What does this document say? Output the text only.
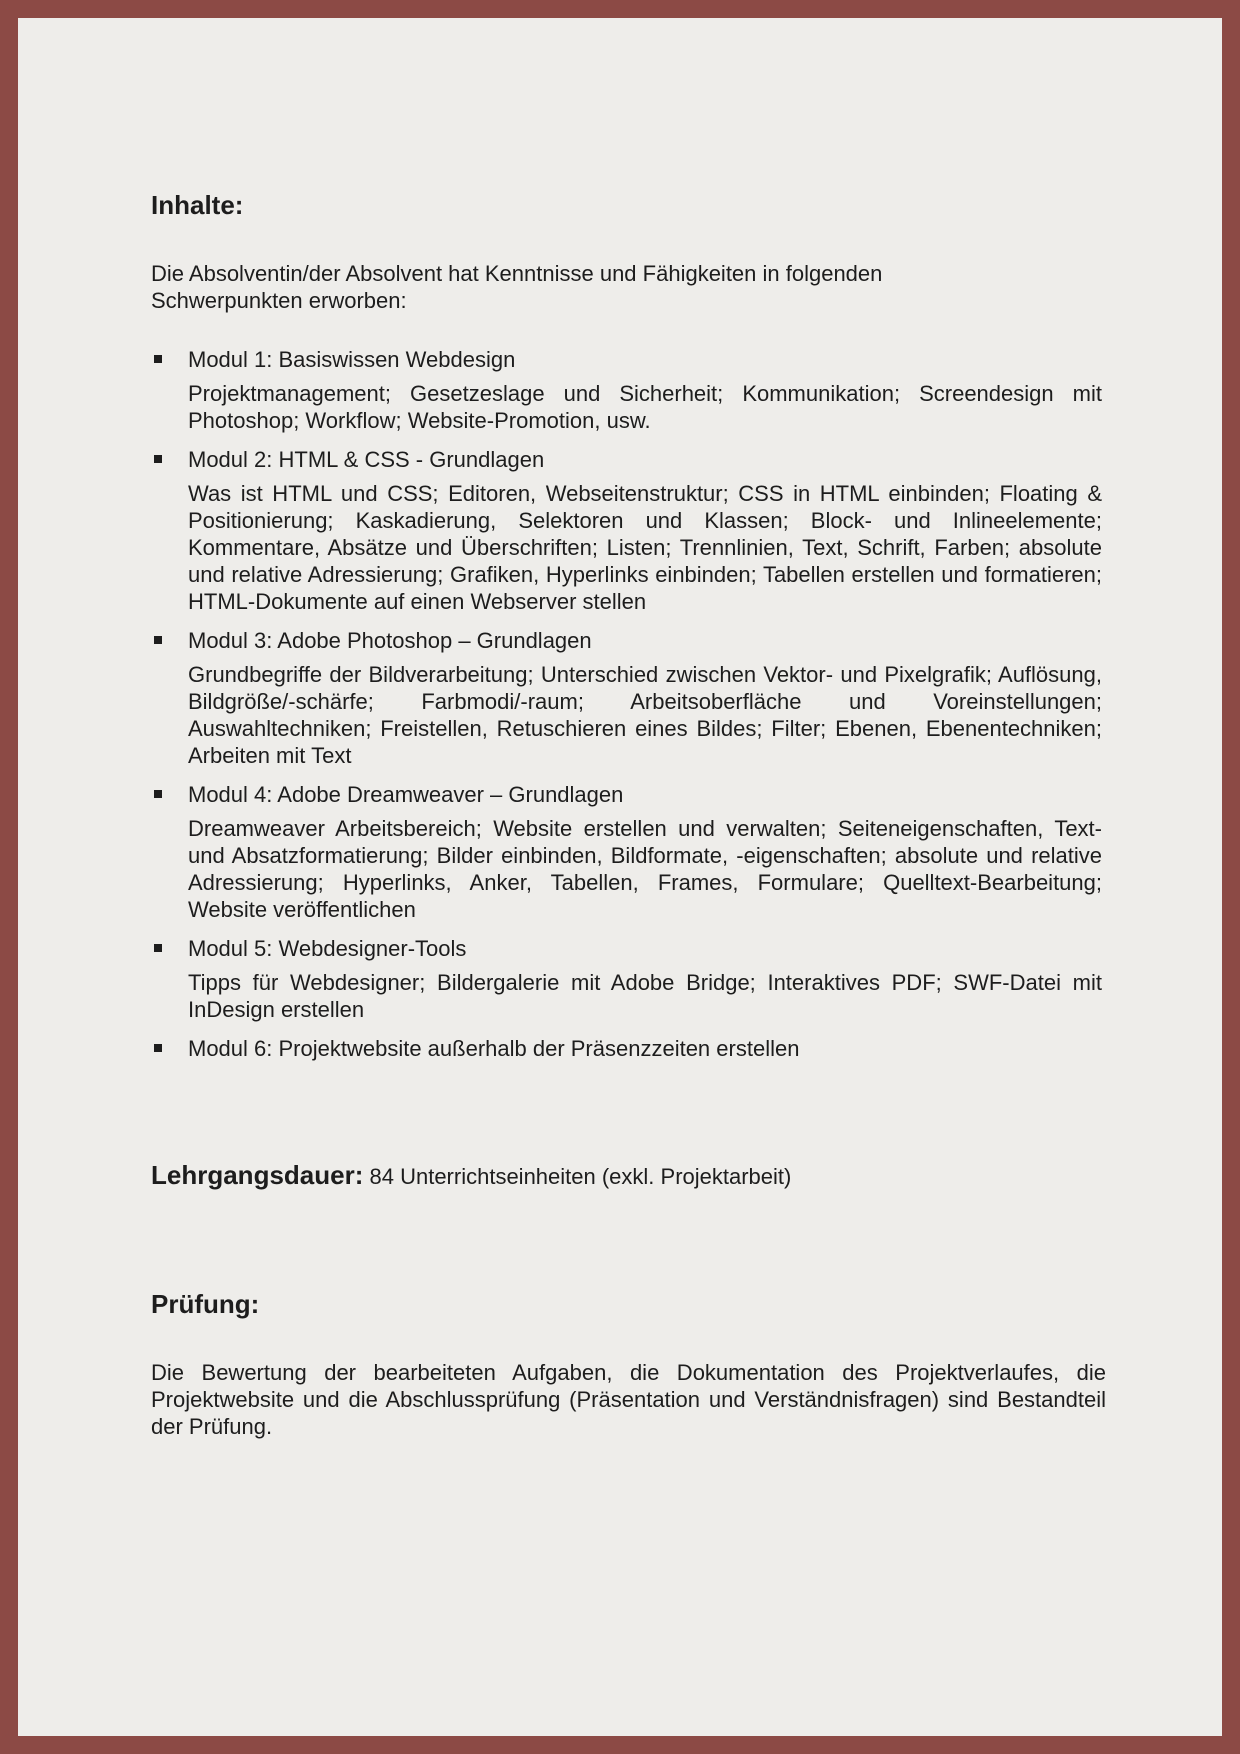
Inhalte:

Die Absolventin/der Absolvent hat Kenntnisse und Fähigkeiten in folgenden Schwerpunkten erworben:

Modul 1: Basiswissen Webdesign
Projektmanagement; Gesetzeslage und Sicherheit; Kommunikation; Screendesign mit Photoshop; Workflow; Website-Promotion, usw.
Modul 2: HTML & CSS - Grundlagen
Was ist HTML und CSS; Editoren, Webseitenstruktur; CSS in HTML einbinden; Floating & Positionierung; Kaskadierung, Selektoren und Klassen; Block- und Inlineelemente; Kommentare, Absätze und Überschriften; Listen; Trennlinien, Text, Schrift, Farben; absolute und relative Adressierung; Grafiken, Hyperlinks einbinden; Tabellen erstellen und formatieren; HTML-Dokumente auf einen Webserver stellen
Modul 3: Adobe Photoshop – Grundlagen
Grundbegriffe der Bildverarbeitung; Unterschied zwischen Vektor- und Pixelgrafik; Auflösung, Bildgröße/-schärfe; Farbmodi/-raum; Arbeitsoberfläche und Voreinstellungen; Auswahltechniken; Freistellen, Retuschieren eines Bildes; Filter; Ebenen, Ebenentechniken; Arbeiten mit Text
Modul 4: Adobe Dreamweaver – Grundlagen
Dreamweaver Arbeitsbereich; Website erstellen und verwalten; Seiteneigenschaften, Text- und Absatzformatierung; Bilder einbinden, Bildformate, -eigenschaften; absolute und relative Adressierung; Hyperlinks, Anker, Tabellen, Frames, Formulare; Quelltext-Bearbeitung; Website veröffentlichen
Modul 5: Webdesigner-Tools
Tipps für Webdesigner; Bildergalerie mit Adobe Bridge; Interaktives PDF; SWF-Datei mit InDesign erstellen
Modul 6: Projektwebsite außerhalb der Präsenzzeiten erstellen

Lehrgangsdauer: 84 Unterrichtseinheiten (exkl. Projektarbeit)

Prüfung:

Die Bewertung der bearbeiteten Aufgaben, die Dokumentation des Projektverlaufes, die Projektwebsite und die Abschlussprüfung (Präsentation und Verständnisfragen) sind Bestandteil der Prüfung.
